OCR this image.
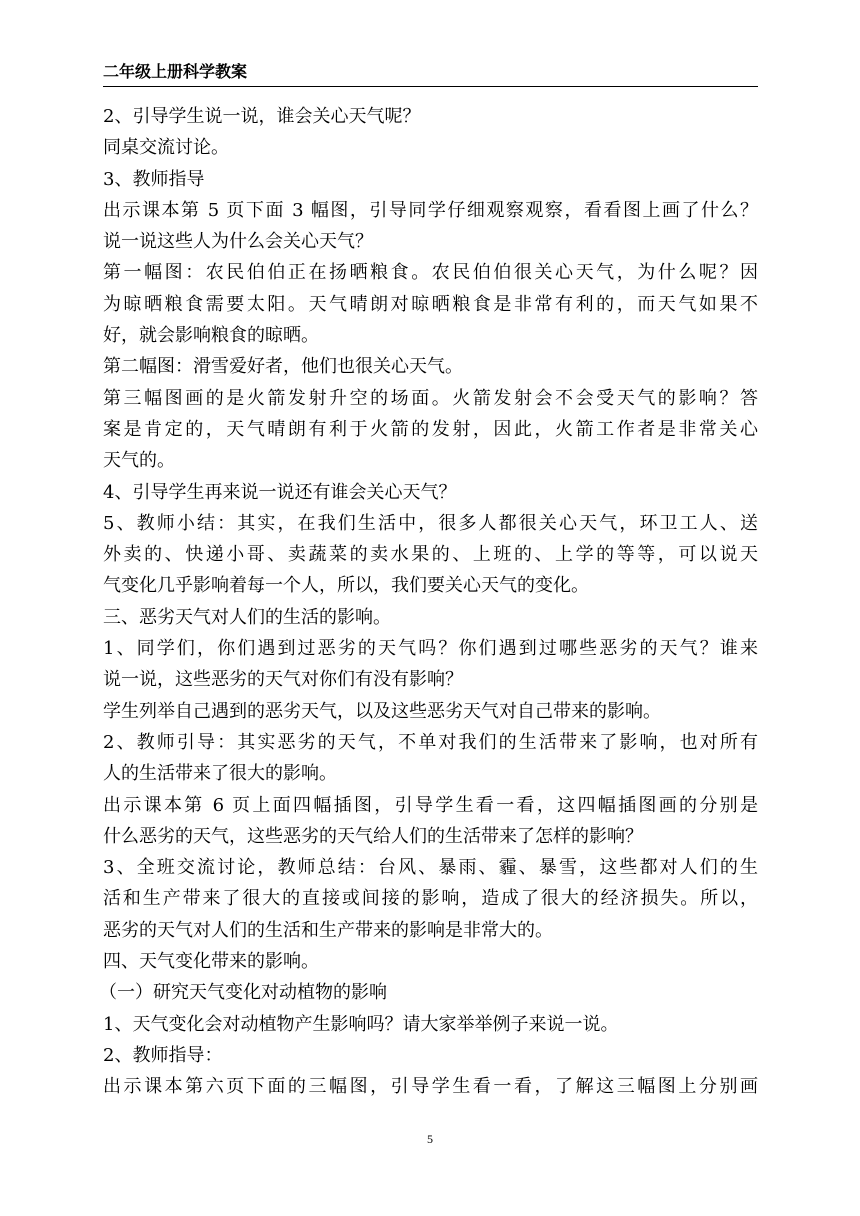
二年级上册科学教案
2、引导学生说一说，谁会关心天气呢？
同桌交流讨论。
3、教师指导
出示课本第 5 页下面 3 幅图，引导同学仔细观察观察，看看图上画了什么？
说一说这些人为什么会关心天气？
第一幅图：农民伯伯正在扬晒粮食。农民伯伯很关心天气，为什么呢？因
为晾晒粮食需要太阳。天气晴朗对晾晒粮食是非常有利的，而天气如果不
好，就会影响粮食的晾晒。
第二幅图：滑雪爱好者，他们也很关心天气。
第三幅图画的是火箭发射升空的场面。火箭发射会不会受天气的影响？答
案是肯定的，天气晴朗有利于火箭的发射，因此，火箭工作者是非常关心
天气的。
4、引导学生再来说一说还有谁会关心天气？
5、教师小结：其实，在我们生活中，很多人都很关心天气，环卫工人、送
外卖的、快递小哥、卖蔬菜的卖水果的、上班的、上学的等等，可以说天
气变化几乎影响着每一个人，所以，我们要关心天气的变化。
三、恶劣天气对人们的生活的影响。
1、同学们，你们遇到过恶劣的天气吗？你们遇到过哪些恶劣的天气？谁来
说一说，这些恶劣的天气对你们有没有影响？
学生列举自己遇到的恶劣天气，以及这些恶劣天气对自己带来的影响。
2、教师引导：其实恶劣的天气，不单对我们的生活带来了影响，也对所有
人的生活带来了很大的影响。
出示课本第 6 页上面四幅插图，引导学生看一看，这四幅插图画的分别是
什么恶劣的天气，这些恶劣的天气给人们的生活带来了怎样的影响？
3、全班交流讨论，教师总结：台风、暴雨、霾、暴雪，这些都对人们的生
活和生产带来了很大的直接或间接的影响，造成了很大的经济损失。所以，
恶劣的天气对人们的生活和生产带来的影响是非常大的。
四、天气变化带来的影响。
（一）研究天气变化对动植物的影响
1、天气变化会对动植物产生影响吗？请大家举举例子来说一说。
2、教师指导：
出示课本第六页下面的三幅图，引导学生看一看，了解这三幅图上分别画
5
